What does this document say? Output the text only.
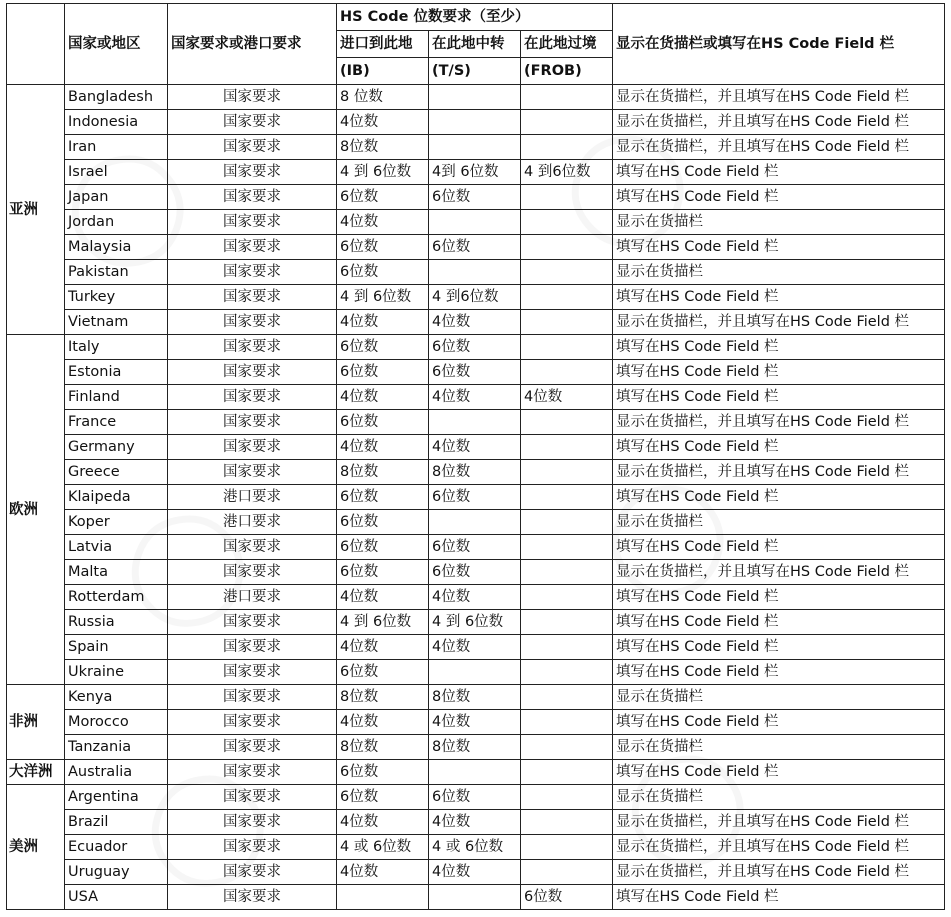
	国家或地区	国家要求或港口要求	HS Code 位数要求（至少）			显示在货描栏或填写在HS Code Field 栏
			进口到此地	在此地中转	在此地过境	
			(IB)	(T/S)	(FROB)	
亚洲	Bangladesh	国家要求	8 位数			显示在货描栏，并且填写在HS Code Field 栏
	Indonesia	国家要求	4位数			显示在货描栏，并且填写在HS Code Field 栏
	Iran	国家要求	8位数			显示在货描栏，并且填写在HS Code Field 栏
	Israel	国家要求	4 到 6位数	4到 6位数	4 到6位数	填写在HS Code Field 栏
	Japan	国家要求	6位数	6位数		填写在HS Code Field 栏
	Jordan	国家要求	4位数			显示在货描栏
	Malaysia	国家要求	6位数	6位数		填写在HS Code Field 栏
	Pakistan	国家要求	6位数			显示在货描栏
	Turkey	国家要求	4 到 6位数	4 到6位数		填写在HS Code Field 栏
	Vietnam	国家要求	4位数	4位数		显示在货描栏，并且填写在HS Code Field 栏
欧洲	Italy	国家要求	6位数	6位数		填写在HS Code Field 栏
	Estonia	国家要求	6位数	6位数		填写在HS Code Field 栏
	Finland	国家要求	4位数	4位数	4位数	填写在HS Code Field 栏
	France	国家要求	6位数			显示在货描栏，并且填写在HS Code Field 栏
	Germany	国家要求	4位数	4位数		填写在HS Code Field 栏
	Greece	国家要求	8位数	8位数		显示在货描栏，并且填写在HS Code Field 栏
	Klaipeda	港口要求	6位数	6位数		填写在HS Code Field 栏
	Koper	港口要求	6位数			显示在货描栏
	Latvia	国家要求	6位数	6位数		填写在HS Code Field 栏
	Malta	国家要求	6位数	6位数		显示在货描栏，并且填写在HS Code Field 栏
	Rotterdam	港口要求	4位数	4位数		填写在HS Code Field 栏
	Russia	国家要求	4 到 6位数	4 到 6位数		填写在HS Code Field 栏
	Spain	国家要求	4位数	4位数		填写在HS Code Field 栏
	Ukraine	国家要求	6位数			填写在HS Code Field 栏
非洲	Kenya	国家要求	8位数	8位数		显示在货描栏
	Morocco	国家要求	4位数	4位数		填写在HS Code Field 栏
	Tanzania	国家要求	8位数	8位数		显示在货描栏
大洋洲	Australia	国家要求	6位数			填写在HS Code Field 栏
美洲	Argentina	国家要求	6位数	6位数		显示在货描栏
	Brazil	国家要求	4位数	4位数		显示在货描栏，并且填写在HS Code Field 栏
	Ecuador	国家要求	4 或 6位数	4 或 6位数		显示在货描栏，并且填写在HS Code Field 栏
	Uruguay	国家要求	4位数	4位数		显示在货描栏，并且填写在HS Code Field 栏
	USA	国家要求			6位数	填写在HS Code Field 栏
